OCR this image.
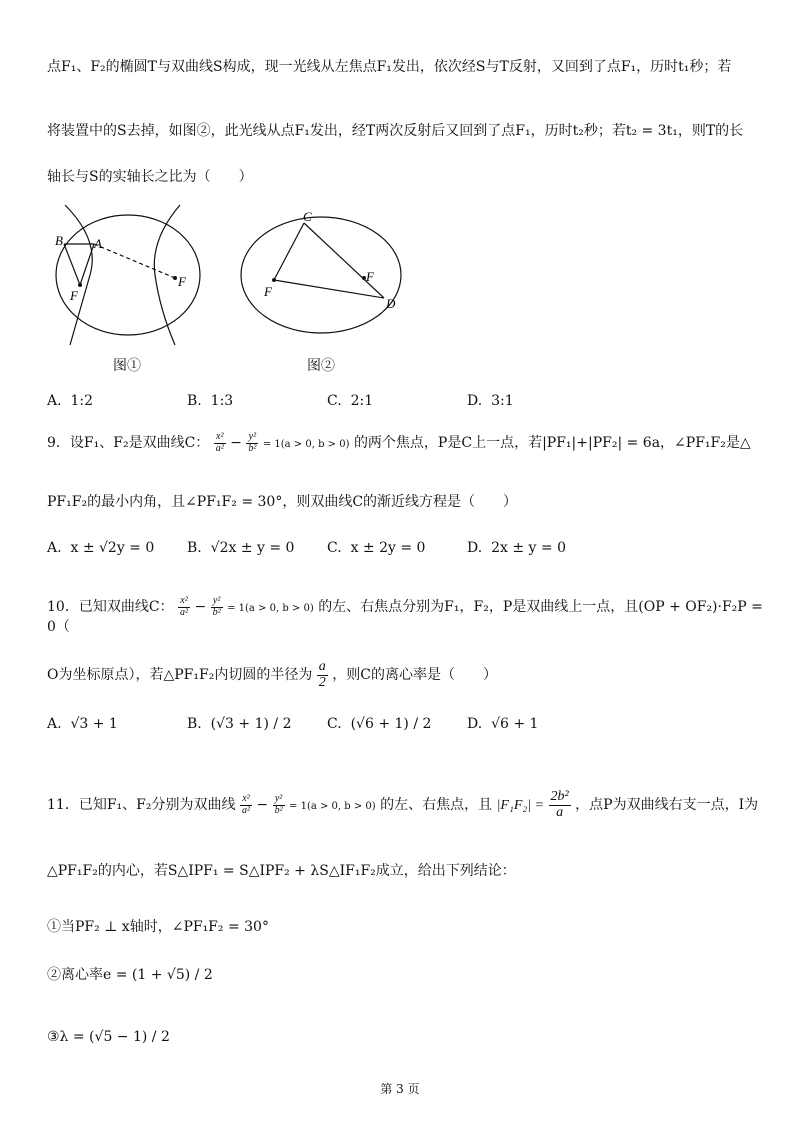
点F₁、F₂的椭圆T与双曲线S构成，现一光线从左焦点F₁发出，依次经S与T反射，又回到了点F₁，历时t₁秒；若
将装置中的S去掉，如图②，此光线从点F₁发出，经T两次反射后又回到了点F₁，历时t₂秒；若t₂ = 3t₁，则T的长
轴长与S的实轴长之比为（　　）
B A
F
F
图①
C
F
F
D
图②
A. 1:2	B. 1:3	C. 2:1	D. 3:1
9．设F₁、F₂是双曲线C： $\frac{\text{x²}}{\text{a²}} - \frac{\text{y²}}{\text{b²}} = 1(a > 0$, b > 0) 的两个焦点，P是C上一点，若|PF₁|+|PF₂| = 6a，∠PF₁F₂是△
PF₁F₂的最小内角，且∠PF₁F₂ = 30°，则双曲线C的渐近线方程是（　　）
A. x ± √2y = 0 B. √2x ± y = 0 C. x ± 2y = 0	D. 2x ± y = 0
10．已知双曲线C： $\frac{\text{x²}}{\text{a²}} - \frac{\text{y²}}{\text{b²}} = 1(a > 0$, b > 0) 的左、右焦点分别为F₁，F₂，P是双曲线上一点，且(OP + OF₂)·F₂P = 0（
O为坐标原点），若△PF₁F₂内切圆的半径为 $\frac{a}{2}$ ，则C的离心率是（　　）
A. √3 + 1	B. (√3 + 1) / 2	C. (√6 + 1) / 2	D. √6 + 1
11．已知F₁、F₂分别为双曲线 $\frac{\text{x²}}{\text{a²}} - \frac{\text{y²}}{\text{b²}} = 1(a > 0$, b > 0) 的左、右焦点，且 $|F_1F_2| = \frac{\text{2b²}}{a}$ ，点P为双曲线右支一点，I为
△PF₁F₂的内心，若S△IPF₁ = S△IPF₂ + λS△IF₁F₂成立，给出下列结论：
①当PF₂ ⊥ x轴时，∠PF₁F₂ = 30°
②离心率e = (1 + √5) / 2
③λ = (√5 − 1) / 2
第 3 页
